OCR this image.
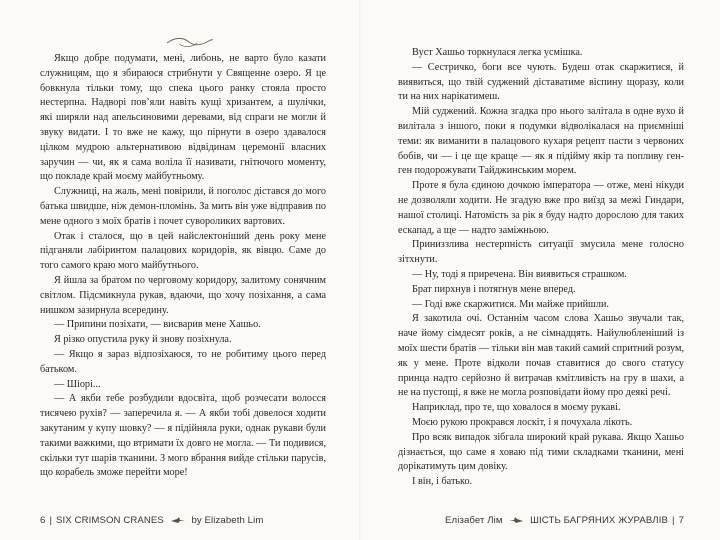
Якщо добре подумати, мені, либонь, не варто було казати служницям, що я збираюся стрибнути у Священне озеро. Я це бовкнула тільки тому, що спека цього ранку стояла просто нестерпна. Надворі пов’яли навіть кущі хризантем, а шулічки, які ширяли над апельсиновими деревами, від спраги не могли й звуку видати. І то вже не кажу, що пірнути в озеро здавалося цілком мудрою альтернативою відвідинам церемонії власних заручин — чи, як я сама воліла її називати, гнітючого моменту, що покладе край моєму майбутньому.

Служниці, на жаль, мені повірили, й поголос дістався до мого батька швидше, ніж демон-пломінь. За мить він уже відправив по мене одного з моїх братів і почет сувороликих вартових.

Отак і сталося, що в цей найслектоніший день року мене підганяли лабіринтом палацових коридорів, як вівцю. Саме до того самого краю мого майбутнього.

Я йшла за братом по черговому коридору, залитому сонячним світлом. Підсмикнула рукав, вдаючи, що хочу позіхання, а сама нишком зазирнула всередину.

— Припини позіхати, — висварив мене Хашьо.

Я різко опустила руку й знову позіхнула.

— Якщо я зараз відпозіхаюся, то не робитиму цього перед батьком.

— Шіорі...

— А якби тебе розбудили вдосвіта, щоб розчесати волосся тисячею рухів? — заперечила я. — А якби тобі довелося ходити закутаним у купу шовку? — я підійняла руки, однак рукави були такими важкими, що втримати їх довго не могла. — Ти подивися, скільки тут шарів тканини. З мого вбрання вийде стільки парусів, що корабель зможе перейти море!

6 | SIX CRIMSON CRANES	by Elizabeth Lim

Вуст Хашьо торкнулася легка усмішка.

— Сестричко, боги все чують. Будеш отак скаржитися, й виявиться, що твій суджений діставатиме віспину щоразу, коли ти на них нарікатимеш.

Мій суджений. Кожна згадка про нього залітала в одне вухо й вилітала з іншого, поки я подумки відволікалася на приємніші теми: як виманити в палацового кухаря рецепт пасти з червоних бобів, чи — і це ще краще — як я підійму якір та попливу ген-ген подорожувати Тайджинським морем.

Проте я була єдиною дочкою імператора — отже, мені нікуди не дозволяли ходити. Не згадую вже про виїзд за межі Гиндари, нашої столиці. Натомість за рік я буду надто дорослою для таких ескапад, а ще — надто заміжньою.

Приниззлива нестерпність ситуації змусила мене голосно зітхнути.

— Ну, тоді я приречена. Він виявиться страшком.

Брат пирхнув і потягнув мене вперед.

— Годі вже скаржитися. Ми майже прийшли.

Я закотила очі. Останнім часом слова Хашьо звучали так, наче йому сімдесят років, а не сімнадцять. Найулюбленіший із моїх шести братів — тільки він мав такий самий спритний розум, як у мене. Проте відколи почав ставитися до свого статусу принца надто серйозно й витрачав кмітливість на гру в шахи, а не на пустощі, я вже не могла розповідати йому про деякі речі.

Наприклад, про те, що ховалося в моєму рукаві.

Моєю рукою прокрався лоскіт, і я почухала лікоть.

Про всяк випадок зібгала широкий край рукава. Якщо Хашьо дізнається, що саме я ховаю під тими складками тканини, мені дорікатимуть цим довіку.

І він, і батько.

Елізабет Лім	ШІСТЬ БАГРЯНИХ ЖУРАВЛІВ | 7
